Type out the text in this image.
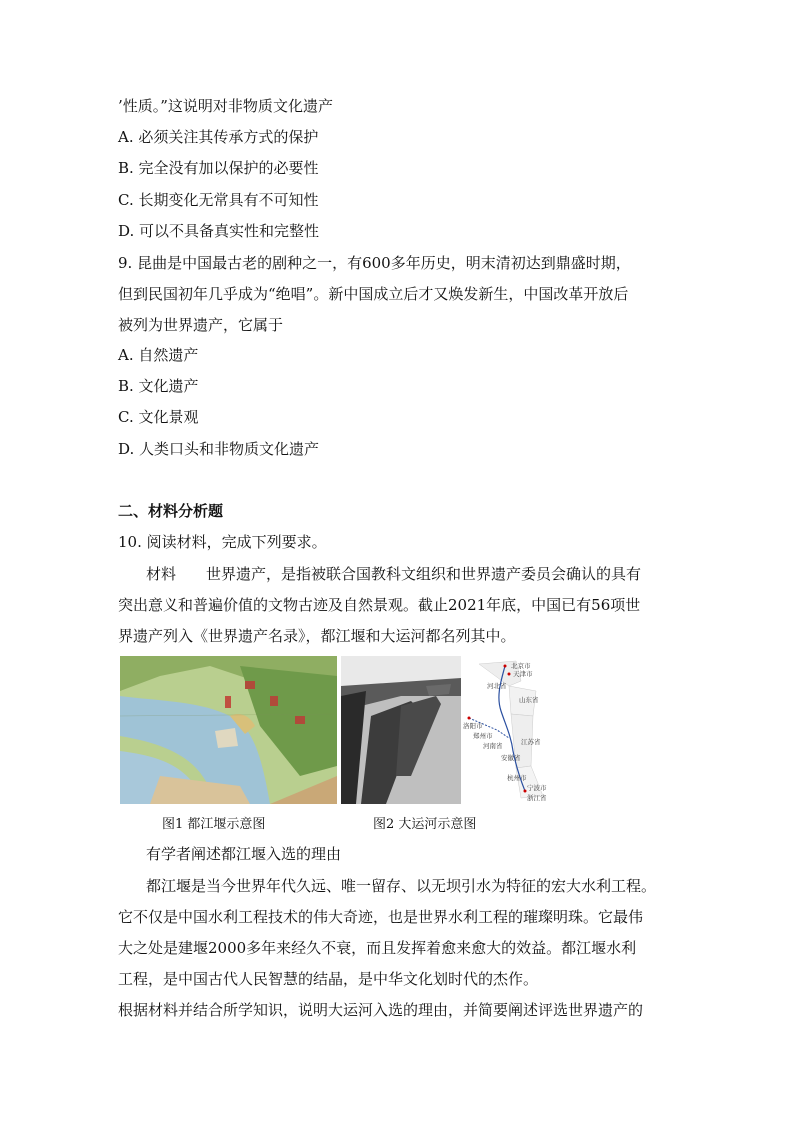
’性质。”这说明对非物质文化遗产
A. 必须关注其传承方式的保护
B. 完全没有加以保护的必要性
C. 长期变化无常具有不可知性
D. 可以不具备真实性和完整性
9. 昆曲是中国最古老的剧种之一，有600多年历史，明末清初达到鼎盛时期，
但到民国初年几乎成为“绝唱”。新中国成立后才又焕发新生，中国改革开放后
被列为世界遗产，它属于
A. 自然遗产
B. 文化遗产
C. 文化景观
D. 人类口头和非物质文化遗产
二、材料分析题
10. 阅读材料，完成下列要求。
材料　　世界遗产，是指被联合国教科文组织和世界遗产委员会确认的具有
突出意义和普遍价值的文物古迹及自然景观。截止2021年底，中国已有56项世
界遗产列入《世界遗产名录》，都江堰和大运河都名列其中。
北京市
天津市
河北省
山东省
洛阳市
郑州市
河南省	江苏省
安徽省
杭州市
宁波市
浙江省
图1 都江堰示意图	图2 大运河示意图
有学者阐述都江堰入选的理由
都江堰是当今世界年代久远、唯一留存、以无坝引水为特征的宏大水利工程。
它不仅是中国水利工程技术的伟大奇迹，也是世界水利工程的璀璨明珠。它最伟
大之处是建堰2000多年来经久不衰，而且发挥着愈来愈大的效益。都江堰水利
工程，是中国古代人民智慧的结晶，是中华文化划时代的杰作。
根据材料并结合所学知识，说明大运河入选的理由，并简要阐述评选世界遗产的
